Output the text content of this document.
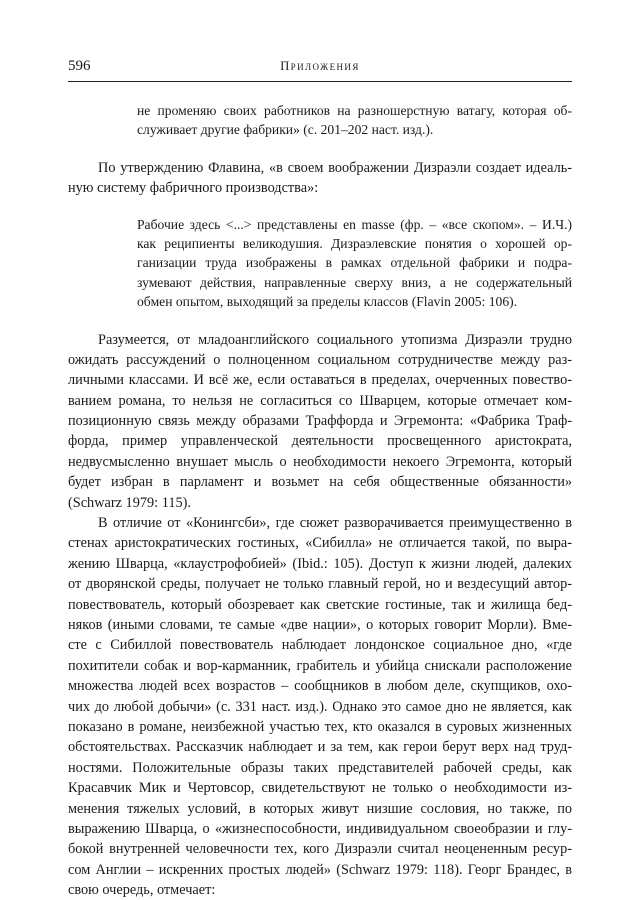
596	Приложения
не променяю своих работников на разношерстную ватагу, которая об-
служивает другие фабрики» (с. 201–202 наст. изд.).
По утверждению Флавина, «в своем воображении Дизраэли создает идеаль-
ную систему фабричного производства»:
Рабочие здесь <...> представлены en masse (фр. – «все скопом». – И.Ч.)
как реципиенты великодушия. Дизраэлевские понятия о хорошей ор-
ганизации труда изображены в рамках отдельной фабрики и подра-
зумевают действия, направленные сверху вниз, а не содержательный
обмен опытом, выходящий за пределы классов (Flavin 2005: 106).
Разумеется, от младоанглийского социального утопизма Дизраэли трудно
ожидать рассуждений о полноценном социальном сотрудничестве между раз-
личными классами. И всё же, если оставаться в пределах, очерченных повество-
ванием романа, то нельзя не согласиться со Шварцем, которые отмечает ком-
позиционную связь между образами Траффорда и Эгремонта: «Фабрика Траф-
форда, пример управленческой деятельности просвещенного аристократа,
недвусмысленно внушает мысль о необходимости некоего Эгремонта, который
будет избран в парламент и возьмет на себя общественные обязанности»
(Schwarz 1979: 115).
В отличие от «Конингсби», где сюжет разворачивается преимущественно в
стенах аристократических гостиных, «Сибилла» не отличается такой, по выра-
жению Шварца, «клаустрофобией» (Ibid.: 105). Доступ к жизни людей, далеких
от дворянской среды, получает не только главный герой, но и вездесущий автор-
повествователь, который обозревает как светские гостиные, так и жилища бед-
няков (иными словами, те самые «две нации», о которых говорит Морли). Вме-
сте с Сибиллой повествователь наблюдает лондонское социальное дно, «где
похитители собак и вор-карманник, грабитель и убийца снискали расположение
множества людей всех возрастов – сообщников в любом деле, скупщиков, охо-
чих до любой добычи» (с. 331 наст. изд.). Однако это самое дно не является, как
показано в романе, неизбежной участью тех, кто оказался в суровых жизненных
обстоятельствах. Рассказчик наблюдает и за тем, как герои берут верх над труд-
ностями. Положительные образы таких представителей рабочей среды, как
Красавчик Мик и Чертовсор, свидетельствуют не только о необходимости из-
менения тяжелых условий, в которых живут низшие сословия, но также, по
выражению Шварца, о «жизнеспособности, индивидуальном своеобразии и глу-
бокой внутренней человечности тех, кого Дизраэли считал неоцененным ресур-
сом Англии – искренних простых людей» (Schwarz 1979: 118). Георг Брандес, в
свою очередь, отмечает:
